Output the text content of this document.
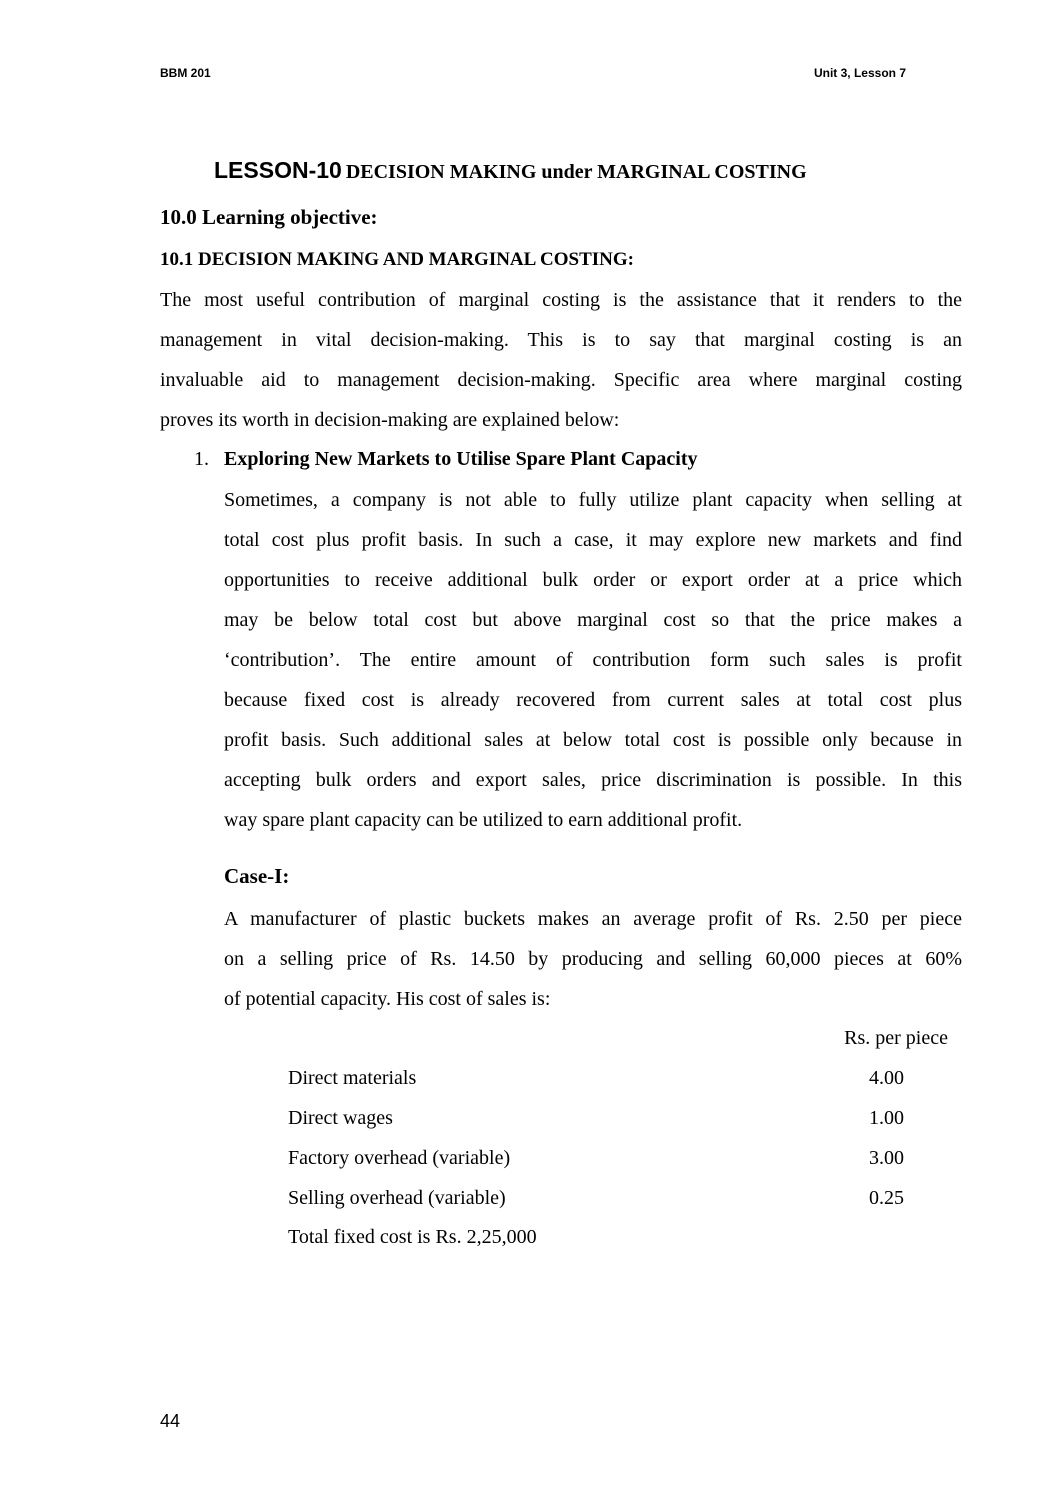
BBM 201	Unit 3, Lesson 7
LESSON-10 DECISION MAKING under MARGINAL COSTING
10.0 Learning objective:
10.1 DECISION MAKING AND MARGINAL COSTING:
The most useful contribution of marginal costing is the assistance that it renders to the
management in vital decision-making. This is to say that marginal costing is an
invaluable aid to management decision-making. Specific area where marginal costing
proves its worth in decision-making are explained below:
1. Exploring New Markets to Utilise Spare Plant Capacity
Sometimes, a company is not able to fully utilize plant capacity when selling at
total cost plus profit basis. In such a case, it may explore new markets and find
opportunities to receive additional bulk order or export order at a price which
may be below total cost but above marginal cost so that the price makes a
‘contribution’. The entire amount of contribution form such sales is profit
because fixed cost is already recovered from current sales at total cost plus
profit basis. Such additional sales at below total cost is possible only because in
accepting bulk orders and export sales, price discrimination is possible. In this
way spare plant capacity can be utilized to earn additional profit.
Case-I:
A manufacturer of plastic buckets makes an average profit of Rs. 2.50 per piece
on a selling price of Rs. 14.50 by producing and selling 60,000 pieces at 60%
of potential capacity. His cost of sales is:
Rs. per piece
Direct materials	4.00
Direct wages	1.00
Factory overhead (variable)	3.00
Selling overhead (variable)	0.25
Total fixed cost is Rs. 2,25,000
44
